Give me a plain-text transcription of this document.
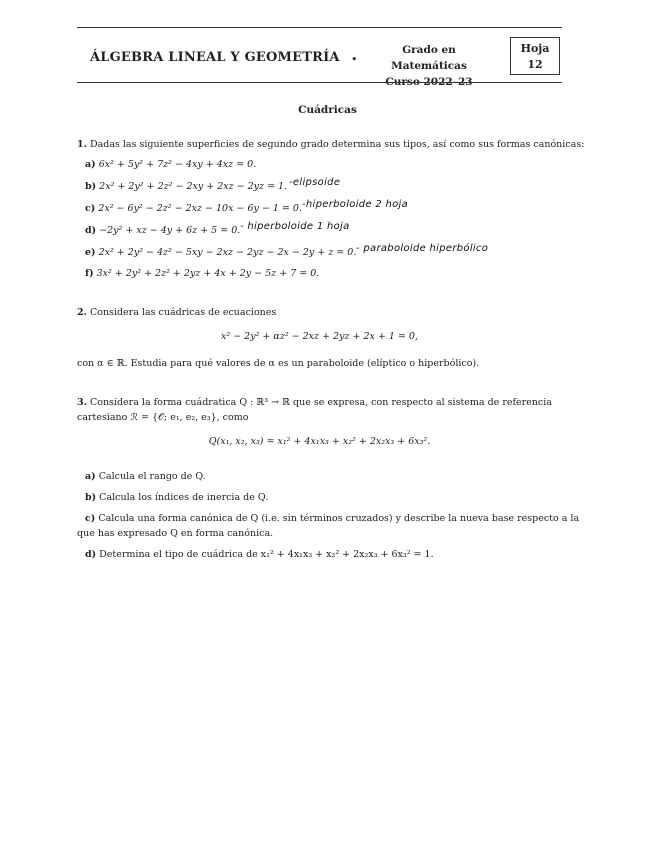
ÁLGEBRA LINEAL Y GEOMETRÍA •
Grado en Matemáticas
Curso 2022–23
Hoja
12
Cuádricas
1. Dadas las siguiente superficies de segundo grado determina sus tipos, así como sus formas canónicas:
a) 6x² + 5y² + 7z² − 4xy + 4xz = 0.
b) 2x² + 2y² + 2z² − 2xy + 2xz − 2yz = 1. -elipsoide
c) 2x² − 6y² − 2z² − 2xz − 10x − 6y − 1 = 0. -hiperboloide 2 hoja
d) −2y² + xz − 4y + 6z + 5 = 0. - hiperboloide 1 hoja
e) 2x² + 2y² − 4z² − 5xy − 2xz − 2yz − 2x − 2y + z = 0. - paraboloide hiperbólico
f) 3x² + 2y² + 2z² + 2yz + 4x + 2y − 5z + 7 = 0.
2. Considera las cuádricas de ecuaciones
x² − 2y² + αz² − 2xz + 2yz + 2x + 1 = 0,
con α ∈ ℝ. Estudia para qué valores de α es un paraboloide (elíptico o hiperbólico).
3. Considera la forma cuádratica Q : ℝ³ → ℝ que se expresa, con respecto al sistema de referencia
cartesiano ℛ = {𝒪; e₁, e₂, e₃}, como
Q(x₁, x₂, x₃) = x₁² + 4x₁x₃ + x₂² + 2x₂x₃ + 6x₃².
a) Calcula el rango de Q.
b) Calcula los índices de inercia de Q.
c) Calcula una forma canónica de Q (i.e. sin términos cruzados) y describe la nueva base respecto a la
que has expresado Q en forma canónica.
d) Determina el tipo de cuádrica de x₁² + 4x₁x₃ + x₂² + 2x₂x₃ + 6x₃² = 1.
